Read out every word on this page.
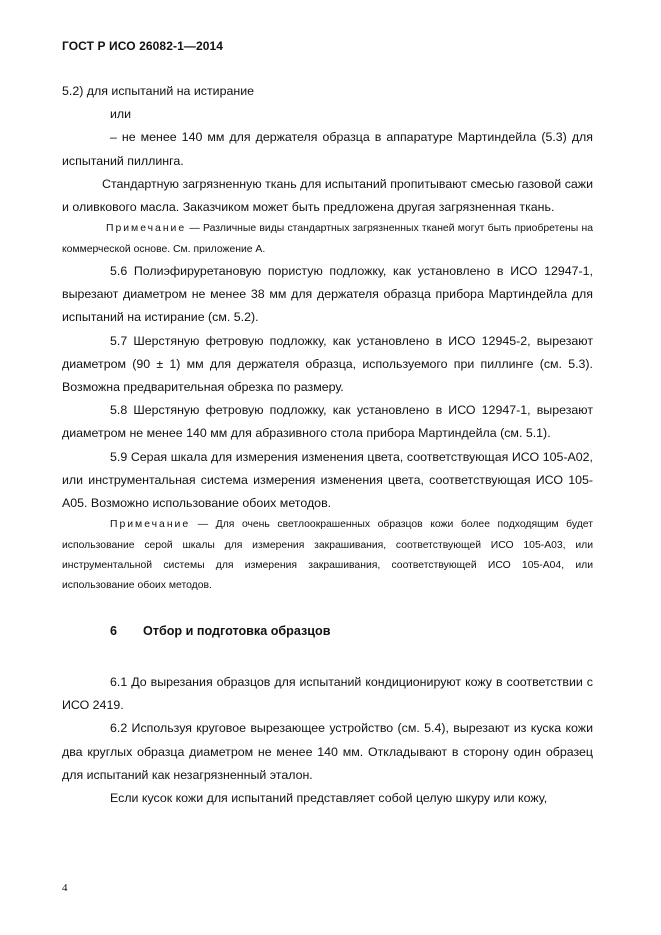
ГОСТ Р ИСО 26082-1—2014

5.2) для испытаний на истирание

или

– не менее 140 мм для держателя образца в аппаратуре Мартиндейла (5.3) для испытаний пиллинга.

Стандартную загрязненную ткань для испытаний пропитывают смесью газовой сажи и оливкового масла. Заказчиком может быть предложена другая загрязненная ткань.

Примечание — Различные виды стандартных загрязненных тканей могут быть приобретены на коммерческой основе. См. приложение А.

5.6 Полиэфируретановую пористую подложку, как установлено в ИСО 12947-1, вырезают диаметром не менее 38 мм для держателя образца прибора Мартиндейла для испытаний на истирание (см. 5.2).

5.7 Шерстяную фетровую подложку, как установлено в ИСО 12945-2, вырезают диаметром (90 ± 1) мм для держателя образца, используемого при пиллинге (см. 5.3). Возможна предварительная обрезка по размеру.

5.8 Шерстяную фетровую подложку, как установлено в ИСО 12947-1, вырезают диаметром не менее 140 мм для абразивного стола прибора Мартиндейла (см. 5.1).

5.9 Серая шкала для измерения изменения цвета, соответствующая ИСО 105-А02, или инструментальная система измерения изменения цвета, соответствующая ИСО 105-А05. Возможно использование обоих методов.

Примечание — Для очень светлоокрашенных образцов кожи более подходящим будет использование серой шкалы для измерения закрашивания, соответствующей ИСО 105-А03, или инструментальной системы для измерения закрашивания, соответствующей ИСО 105-А04, или использование обоих методов.

6 Отбор и подготовка образцов

6.1 До вырезания образцов для испытаний кондиционируют кожу в соответствии с ИСО 2419.

6.2 Используя круговое вырезающее устройство (см. 5.4), вырезают из куска кожи два круглых образца диаметром не менее 140 мм. Откладывают в сторону один образец для испытаний как незагрязненный эталон.

Если кусок кожи для испытаний представляет собой целую шкуру или кожу,

4
